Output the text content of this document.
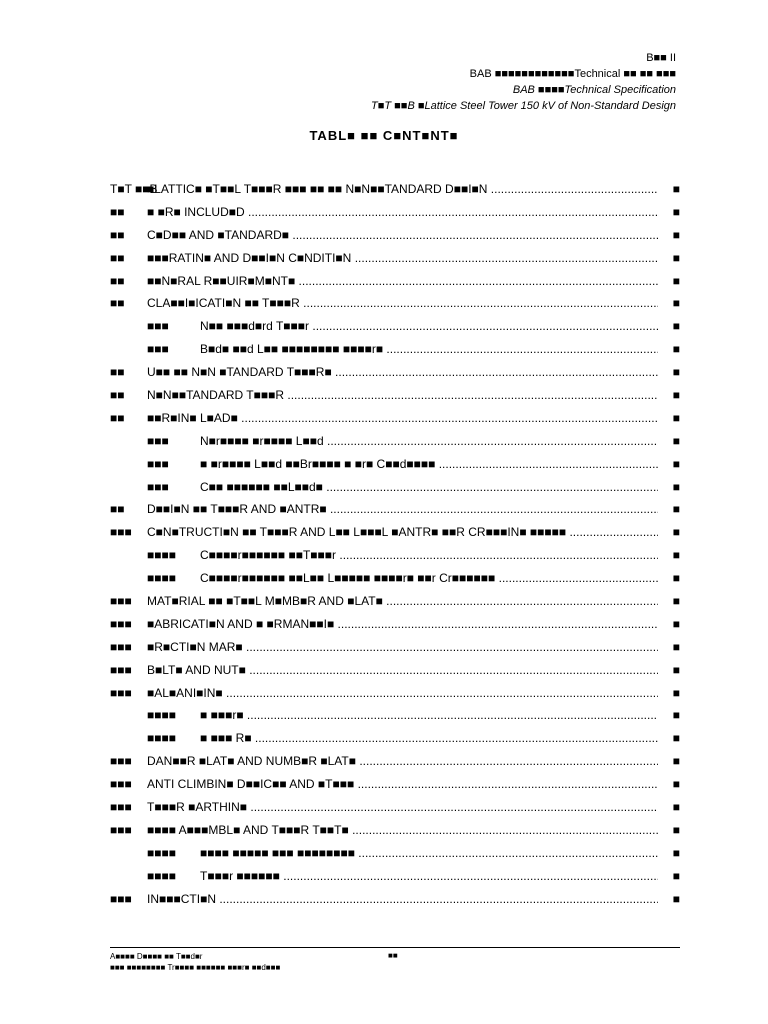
B■■ II
BAB ■■■■■■■■■■■■Technical ■■ ■■ ■■■
BAB ■■■■Technical Specification
T■T ■■B ■Lattice Steel Tower 150 kV of Non-Standard Design
TABL■ ■■ C■NT■NT■
T■T ■■B
■LATTIC■ ■T■■L T■■■R ■■■ ■■ ■■ N■N■■TANDARD D■■I■N .....	■
■■ ■ ■R■ INCLUD■D .....	■
■■ C■D■■ AND ■TANDARD■ .....	■
■■ ■■■RATIN■ AND D■■I■N C■NDITI■N .....	■
■■ ■■N■RAL R■■UIR■M■NT■ .....	■
■■ CLA■■I■ICATI■N ■■ T■■■R .....	■
■■■	N■■ ■■■d■rd T■■■r .....	■
■■■	B■d■ ■■d L■■ ■■■■■■■■ ■■■■r■ .....	■
■■ U■■ ■■ N■N ■TANDARD T■■■R■ .....	■
■■ N■N■■TANDARD T■■■R .....	■
■■ ■■R■IN■ L■AD■ .....	■
■■■	N■r■■■■ ■r■■■■ L■■d .....	■
■■■	■ ■r■■■■ L■■d ■■Br■■■■ ■ ■r■ C■■d■■■■ .....	■
■■■	C■■ ■■■■■■ ■■L■■d■ .....	■
■■ D■■I■N ■■ T■■■R AND ■ANTR■ .....	■
■■■ C■N■TRUCTI■N ■■ T■■■R AND L■■ L■■■L ■ANTR■ ■■R CR■■■IN■ ■■■■■ .....	■
■■■■ C■■■■r■■■■■■ ■■T■■■r .....	■
■■■■ C■■■■r■■■■■■ ■■L■■ L■■■■■ ■■■■r■ ■■r Cr■■■■■■ .....	■
■■■ MAT■RIAL ■■ ■T■■L M■MB■R AND ■LAT■ .....	■
■■■ ■ABRICATI■N AND ■ ■RMAN■■I■ .....	■
■■■ ■R■CTI■N MAR■ .....	■
■■■ B■LT■ AND NUT■ .....	■
■■■ ■AL■ANI■IN■ .....	■
■■■■ ■ ■■■r■ .....	■
■■■■ ■ ■■■ R■ .....	■
■■■ DAN■■R ■LAT■ AND NUMB■R ■LAT■ .....	■
■■■ ANTI CLIMBIN■ D■■IC■■ AND ■T■■■ .....	■
■■■ T■■■R ■ARTHIN■ .....	■
■■■ ■■■■ A■■■MBL■ AND T■■■R T■■T■ .....	■
■■■■ ■■■■ ■■■■■ ■■■ ■■■■■■■■ .....	■
■■■■ T■■■r ■■■■■■ .....	■
■■■ IN■■■CTI■N .....	■
A■■■■ D■■■■ ■■ T■■d■r
■■■ ■■■■■■■■ Tr■■■■ ■■■■■■ ■■■r■ ■■d■■■
■■
